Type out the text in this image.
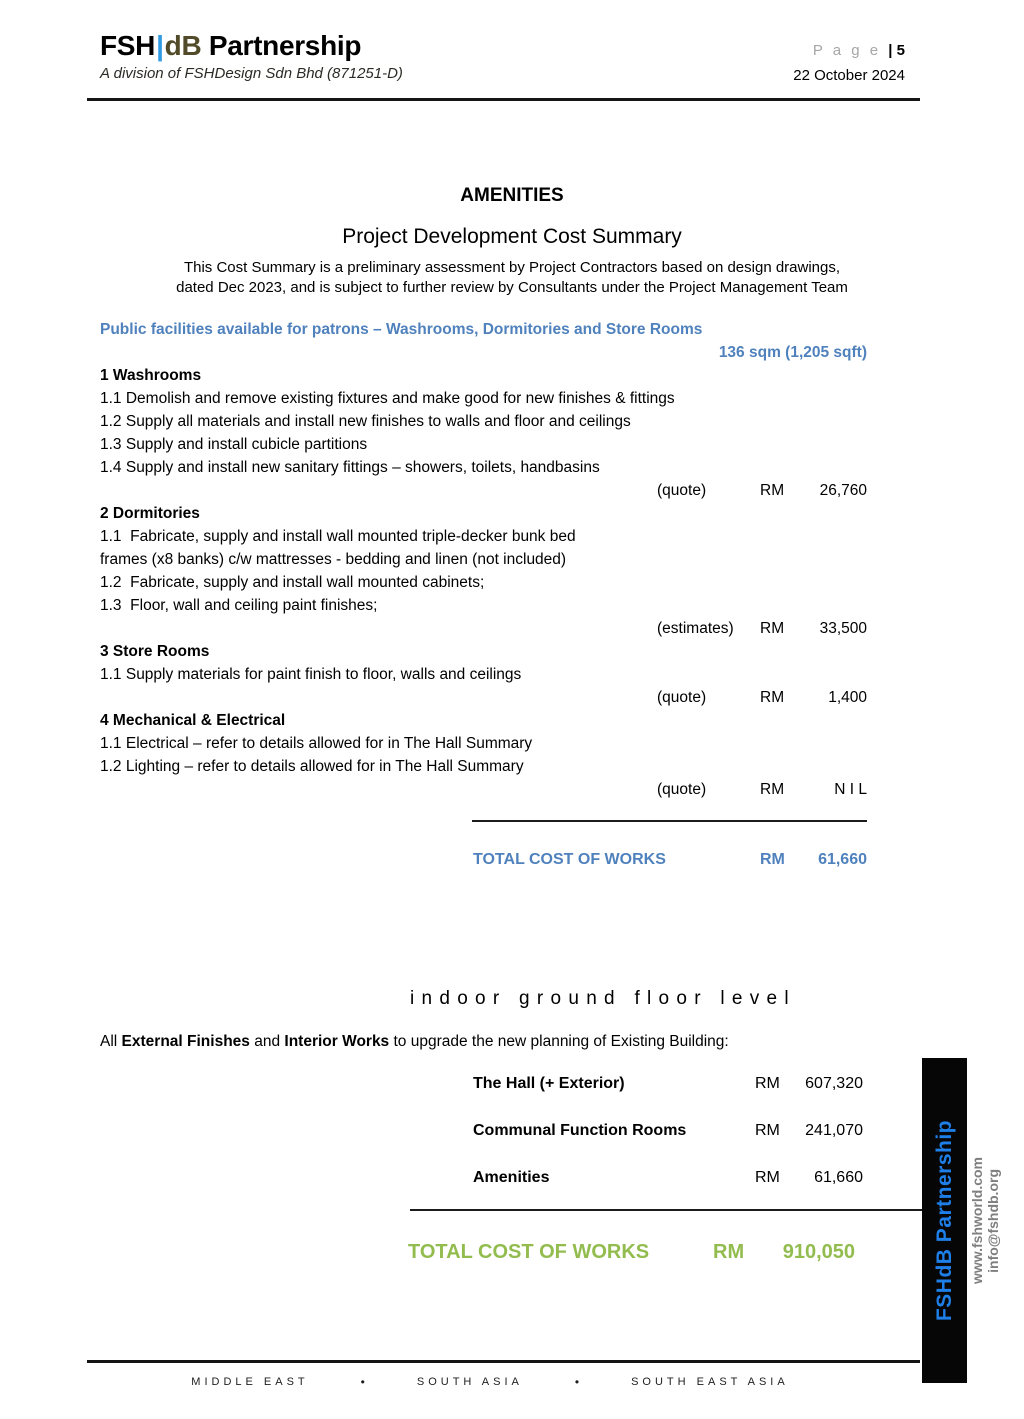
FSH|dB Partnership
A division of FSHDesign Sdn Bhd (871251-D)
P a g e | 5
22 October 2024
AMENITIES
Project Development Cost Summary
This Cost Summary is a preliminary assessment by Project Contractors based on design drawings,
dated Dec 2023, and is subject to further review by Consultants under the Project Management Team
Public facilities available for patrons – Washrooms, Dormitories and Store Rooms
136 sqm (1,205 sqft)
1 Washrooms
1.1 Demolish and remove existing fixtures and make good for new finishes & fittings
1.2 Supply all materials and install new finishes to walls and floor and ceilings
1.3 Supply and install cubicle partitions
1.4 Supply and install new sanitary fittings – showers, toilets, handbasins
(quote)	RM 26,760
2 Dormitories
1.1  Fabricate, supply and install wall mounted triple-decker bunk bed
frames (x8 banks) c/w mattresses - bedding and linen (not included)
1.2  Fabricate, supply and install wall mounted cabinets;
1.3  Floor, wall and ceiling paint finishes;
(estimates) RM 33,500
3 Store Rooms
1.1 Supply materials for paint finish to floor, walls and ceilings
(quote)	RM	1,400
4 Mechanical & Electrical
1.1 Electrical – refer to details allowed for in The Hall Summary
1.2 Lighting – refer to details allowed for in The Hall Summary
(quote)	RM	N I L
TOTAL COST OF WORKS	RM 61,660
i n d o o r   g r o u n d   f l o o r   l e v e l
All External Finishes and Interior Works to upgrade the new planning of Existing Building:
The Hall (+ Exterior)	RM 607,320
Communal Function Rooms	RM 241,070
Amenities	RM 61,660
TOTAL COST OF WORKS	RM 910,050	FSHdB Partnership www.fshworld.com info@fshdb.org
MIDDLE EAST	•	SOUTH ASIA	•	SOUTH EAST ASIA
